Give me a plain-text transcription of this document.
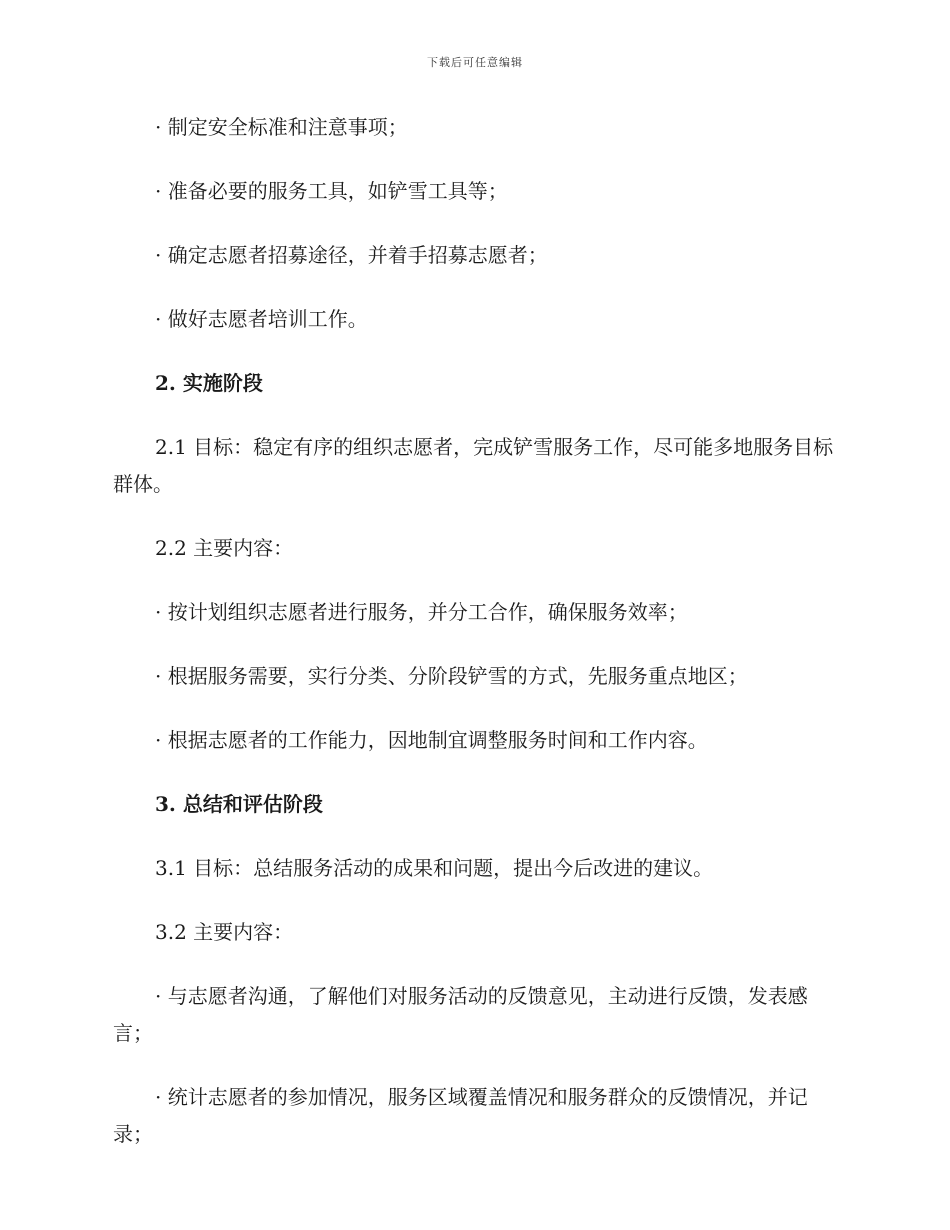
下载后可任意编辑

· 制定安全标准和注意事项；

· 准备必要的服务工具，如铲雪工具等；

· 确定志愿者招募途径，并着手招募志愿者；

· 做好志愿者培训工作。

2. 实施阶段

2.1 目标：稳定有序的组织志愿者，完成铲雪服务工作，尽可能多地服务目标群体。

2.2 主要内容：

· 按计划组织志愿者进行服务，并分工合作，确保服务效率；

· 根据服务需要，实行分类、分阶段铲雪的方式，先服务重点地区；

· 根据志愿者的工作能力，因地制宜调整服务时间和工作内容。

3. 总结和评估阶段

3.1 目标：总结服务活动的成果和问题，提出今后改进的建议。

3.2 主要内容：

· 与志愿者沟通，了解他们对服务活动的反馈意见，主动进行反馈，发表感言；

· 统计志愿者的参加情况，服务区域覆盖情况和服务群众的反馈情况，并记录；
